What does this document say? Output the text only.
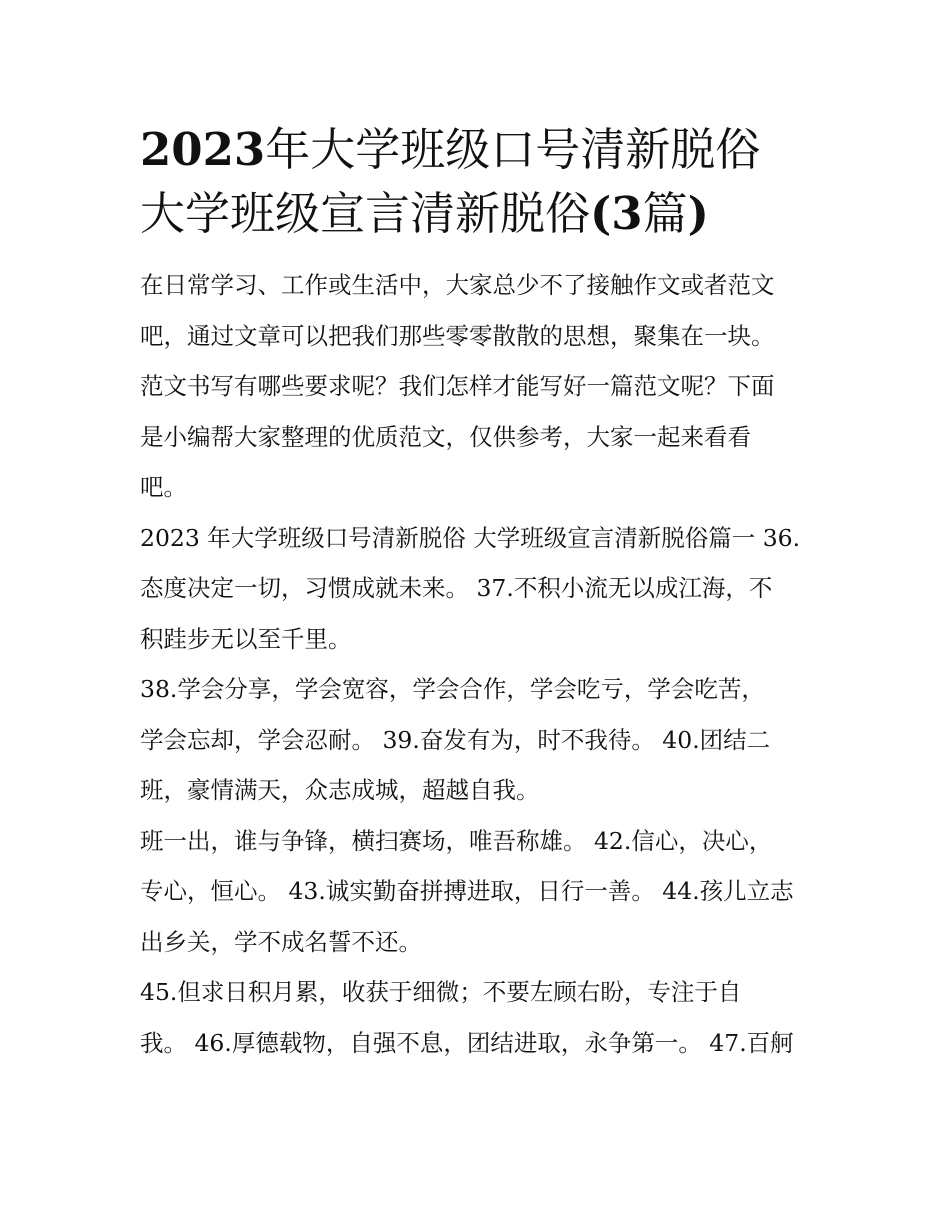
2023年大学班级口号清新脱俗
大学班级宣言清新脱俗(3篇)

在日常学习、工作或生活中，大家总少不了接触作文或者范文
吧，通过文章可以把我们那些零零散散的思想，聚集在一块。
范文书写有哪些要求呢？我们怎样才能写好一篇范文呢？下面
是小编帮大家整理的优质范文，仅供参考，大家一起来看看
吧。

2023 年大学班级口号清新脱俗 大学班级宣言清新脱俗篇一 36.
态度决定一切，习惯成就未来。 37.不积小流无以成江海，不
积跬步无以至千里。

38.学会分享，学会宽容，学会合作，学会吃亏，学会吃苦，
学会忘却，学会忍耐。 39.奋发有为，时不我待。 40.团结二
班，豪情满天，众志成城，超越自我。

班一出，谁与争锋，横扫赛场，唯吾称雄。 42.信心，决心，
专心，恒心。 43.诚实勤奋拼搏进取，日行一善。 44.孩儿立志
出乡关，学不成名誓不还。

45.但求日积月累，收获于细微；不要左顾右盼，专注于自
我。 46.厚德载物，自强不息，团结进取，永争第一。 47.百舸
